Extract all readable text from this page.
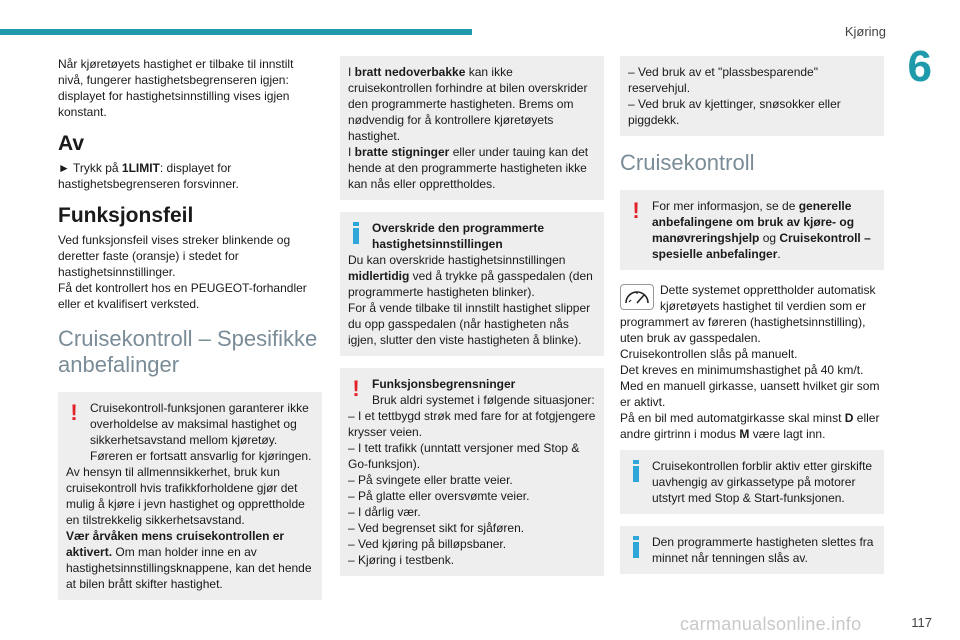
Kjøring
6

Når kjøretøyets hastighet er tilbake til innstilt nivå, fungerer hastighetsbegrenseren igjen: displayet for hastighetsinnstilling vises igjen konstant.

Av

► Trykk på 1LIMIT: displayet for hastighetsbegrenseren forsvinner.

Funksjonsfeil

Ved funksjonsfeil vises streker blinkende og deretter faste (oransje) i stedet for hastighetsinnstillinger.

Få det kontrollert hos en PEUGEOT-forhandler eller et kvalifisert verksted.

Cruisekontroll – Spesifikke anbefalinger
!	Cruisekontroll-funksjonen garanterer ikke overholdelse av maksimal hastighet og sikkerhetsavstand mellom kjøretøy. Føreren er fortsatt ansvarlig for kjøringen.

Av hensyn til allmennsikkerhet, bruk kun cruisekontroll hvis trafikkforholdene gjør det mulig å kjøre i jevn hastighet og opprettholde en tilstrekkelig sikkerhetsavstand.

Vær årvåken mens cruisekontrollen er aktivert. Om man holder inne en av hastighetsinnstillingsknappene, kan det hende at bilen brått skifter hastighet.

I bratt nedoverbakke kan ikke cruisekontrollen forhindre at bilen overskrider den programmerte hastigheten. Brems om nødvendig for å kontrollere kjøretøyets hastighet.

I bratte stigninger eller under tauing kan det hende at den programmerte hastigheten ikke kan nås eller opprettholdes.

Overskride den programmerte hastighetsinnstillingen

Du kan overskride hastighetsinnstillingen midlertidig ved å trykke på gasspedalen (den programmerte hastigheten blinker).

For å vende tilbake til innstilt hastighet slipper du opp gasspedalen (når hastigheten nås igjen, slutter den viste hastigheten å blinke).

!	Funksjonsbegrensninger

Bruk aldri systemet i følgende situasjoner:

– I et tettbygd strøk med fare for at fotgjengere krysser veien.

– I tett trafikk (unntatt versjoner med Stop & Go-funksjon).

– På svingete eller bratte veier.

– På glatte eller oversvømte veier.

– I dårlig vær.

– Ved begrenset sikt for sjåføren.

– Ved kjøring på billøpsbaner.

– Kjøring i testbenk.

– Ved bruk av et "plassbesparende" reservehjul.

– Ved bruk av kjettinger, snøsokker eller piggdekk.

Cruisekontroll
!	For mer informasjon, se de generelle anbefalingene om bruk av kjøre- og manøvreringshjelp og Cruisekontroll – spesielle anbefalinger.

Dette systemet opprettholder automatisk kjøretøyets hastighet til verdien som er programmert av føreren (hastighetsinnstilling), uten bruk av gasspedalen.

Cruisekontrollen slås på manuelt.

Det kreves en minimumshastighet på 40 km/t.

Med en manuell girkasse, uansett hvilket gir som er aktivt.

På en bil med automatgirkasse skal minst D eller andre girtrinn i modus M være lagt inn.

Cruisekontrollen forblir aktiv etter girskifte uavhengig av girkassetype på motorer utstyrt med Stop & Start-funksjonen.

Den programmerte hastigheten slettes fra minnet når tenningen slås av.

carmanualsonline.info	117
